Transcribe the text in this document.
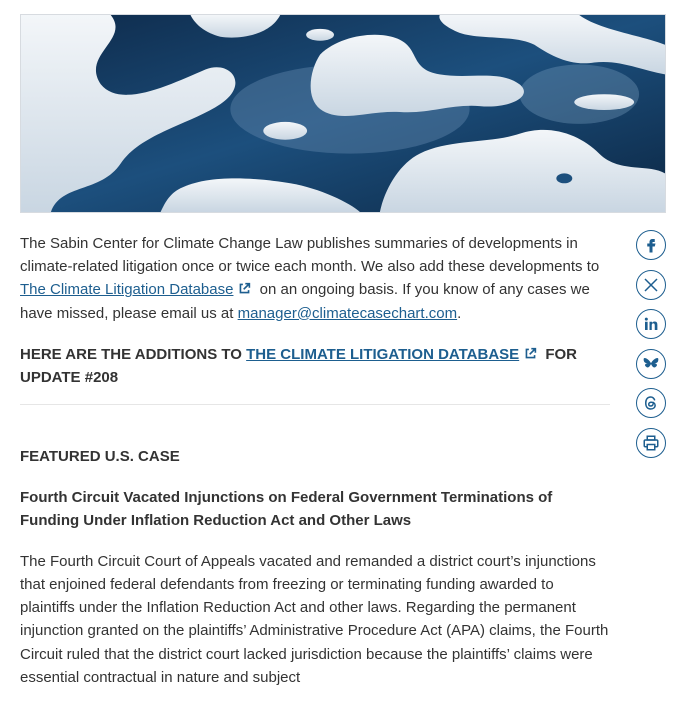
The Sabin Center for Climate Change Law publishes summaries of developments in climate-related litigation once or twice each month. We also add these developments to The Climate Litigation Database on an ongoing basis. If you know of any cases we have missed, please email us at manager@climatecasechart.com.

HERE ARE THE ADDITIONS TO THE CLIMATE LITIGATION DATABASE FOR UPDATE #208

FEATURED U.S. CASE

Fourth Circuit Vacated Injunctions on Federal Government Terminations of Funding Under Inflation Reduction Act and Other Laws

The Fourth Circuit Court of Appeals vacated and remanded a district court’s injunctions that enjoined federal defendants from freezing or terminating funding awarded to plaintiffs under the Inflation Reduction Act and other laws. Regarding the permanent injunction granted on the plaintiffs’ Administrative Procedure Act (APA) claims, the Fourth Circuit ruled that the district court lacked jurisdiction because the plaintiffs’ claims were essential contractual in nature and subject
